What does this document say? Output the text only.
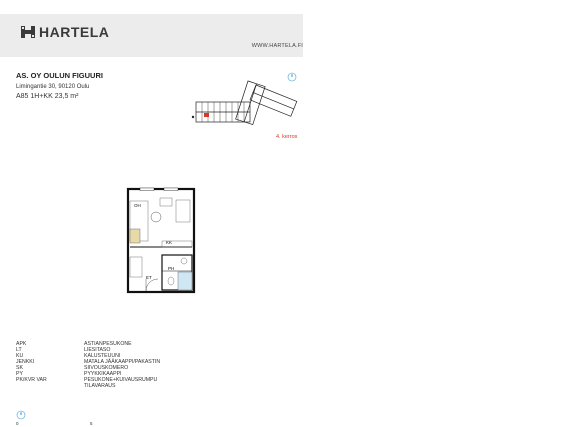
HARTELA
WWW.HARTELA.FI
AS. OY OULUN FIGUURI
Limingantie 30, 90120 Oulu
A85 1H+KK 23,5 m²
4. kerros
OH
KK
PH
ET
APK	ASTIANPESUKONE
LT	LIESITASO
KU	KALUSTEUUNI
JENKKI	MATALA JÄÄKAAPPI/PAKASTIN
SK	SIIVOUSKOMERO
PY	PYYKKIKAAPPI
PK/KVR VAR	PESUKONE+KUIVAUSRUMPU
TILAVARAUS
0	5
